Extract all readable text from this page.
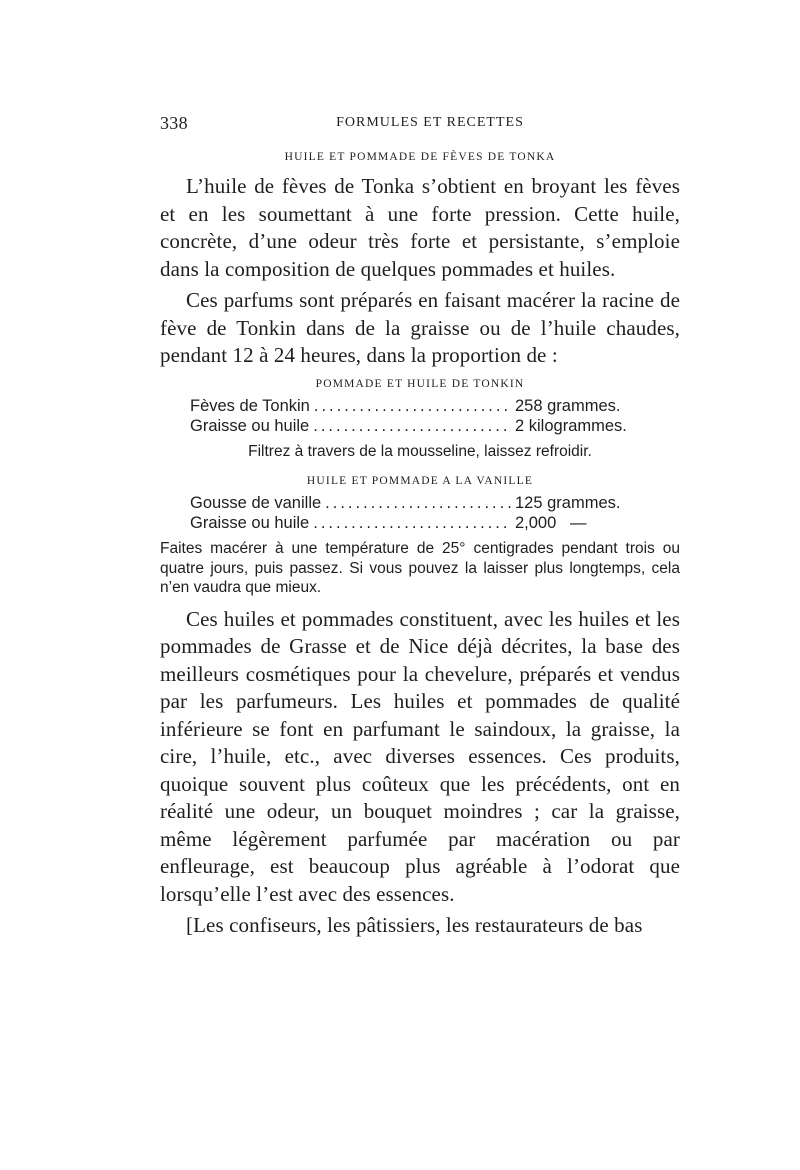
338	FORMULES ET RECETTES
HUILE ET POMMADE DE FÈVES DE TONKA

L’huile de fèves de Tonka s’obtient en broyant les fèves et en les soumettant à une forte pression. Cette huile, concrète, d’une odeur très forte et persistante, s’emploie dans la composition de quelques pommades et huiles.

Ces parfums sont préparés en faisant macérer la racine de fève de Tonkin dans de la graisse ou de l’huile chaudes, pendant 12 à 24 heures, dans la proportion de :

POMMADE ET HUILE DE TONKIN
Fèves de Tonkin .....	258 grammes.
Graisse ou huile .....	2 kilogrammes.
Filtrez à travers de la mousseline, laissez refroidir.
HUILE ET POMMADE A LA VANILLE
Gousse de vanille .....	125 grammes.
Graisse ou huile .....	2,000   —
Faites macérer à une température de 25° centigrades pendant trois ou quatre jours, puis passez. Si vous pouvez la laisser plus longtemps, cela n’en vaudra que mieux.

Ces huiles et pommades constituent, avec les huiles et les pommades de Grasse et de Nice déjà décrites, la base des meilleurs cosmétiques pour la chevelure, préparés et vendus par les parfumeurs. Les huiles et pommades de qualité inférieure se font en parfumant le saindoux, la graisse, la cire, l’huile, etc., avec diverses essences. Ces produits, quoique souvent plus coûteux que les précédents, ont en réalité une odeur, un bouquet moindres ; car la graisse, même légèrement parfumée par macération ou par enfleurage, est beaucoup plus agréable à l’odorat que lorsqu’elle l’est avec des essences.

[Les confiseurs, les pâtissiers, les restaurateurs de bas
